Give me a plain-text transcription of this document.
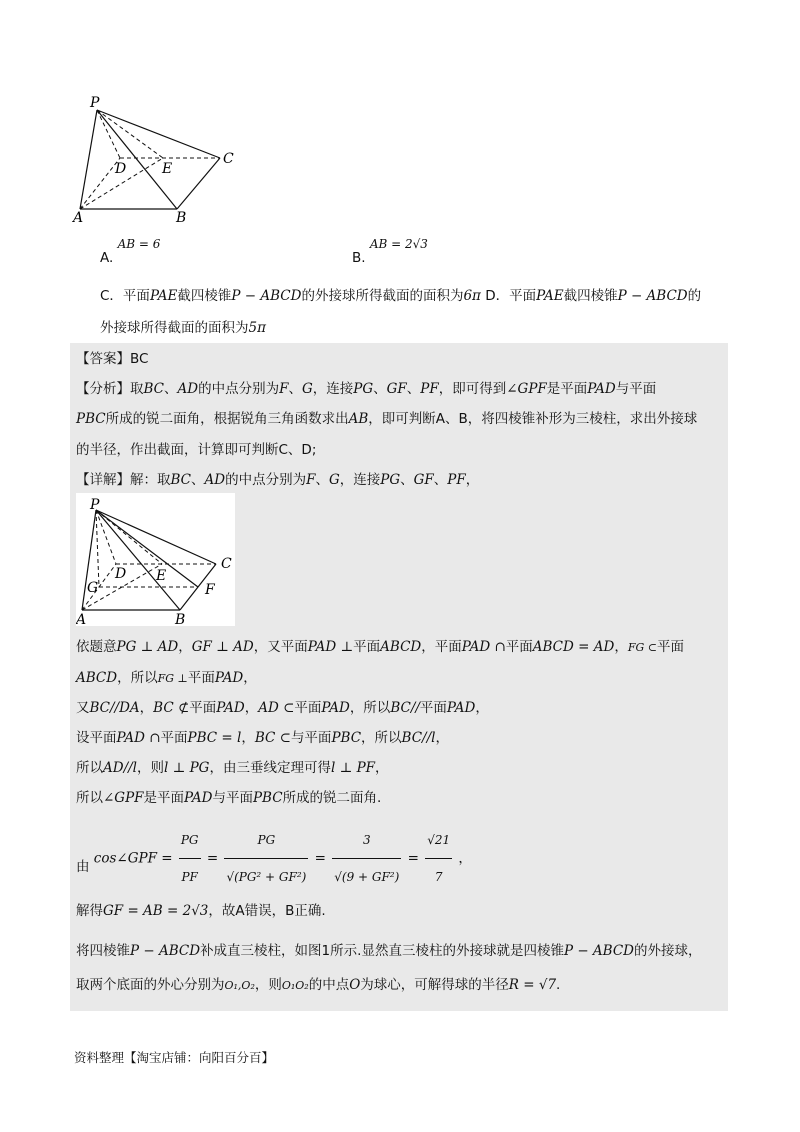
P
D	E
C
A	B
A. AB = 6
B. AB = 2√3
C．平面PAE截四棱锥P − ABCD的外接球所得截面的面积为6π D．平面PAE截四棱锥P − ABCD的
外接球所得截面的面积为5π
【答案】BC
【分析】取BC、AD的中点分别为F、G，连接PG、GF、PF，即可得到∠GPF是平面PAD与平面
PBC所成的锐二面角，根据锐角三角函数求出AB，即可判断A、B，将四棱锥补形为三棱柱，求出外接球
的半径，作出截面，计算即可判断C、D;
【详解】解：取BC、AD的中点分别为F、G，连接PG、GF、PF，
P
C
D E
G	F
A	B
依题意PG ⊥ AD，GF ⊥ AD，又平面PAD ⊥平面ABCD，平面PAD ∩平面ABCD = AD，FG ⊂平面
ABCD，所以FG ⊥平面PAD，
又BC//DA，BC ⊄平面PAD，AD ⊂平面PAD，所以BC//平面PAD，
设平面PAD ∩平面PBC = l，BC ⊂与平面PBC，所以BC//l，
所以AD//l，则l ⊥ PG，由三垂线定理可得l ⊥ PF，
所以∠GPF是平面PAD与平面PBC所成的锐二面角.
由 cos∠GPF = $\frac{PG}{PF} = \frac{PG}{\text{√(PG² + GF²)}} = \frac{3}{\text{√(9 + GF²)}} = \frac{√21}{7}$ ，
解得GF = AB = 2√3，故A错误，B正确.
将四棱锥P − ABCD补成直三棱柱，如图1所示.显然直三棱柱的外接球就是四棱锥P − ABCD的外接球，
取两个底面的外心分别为O₁,O₂，则O₁O₂的中点O为球心，可解得球的半径R = √7.
资料整理【淘宝店铺：向阳百分百】
